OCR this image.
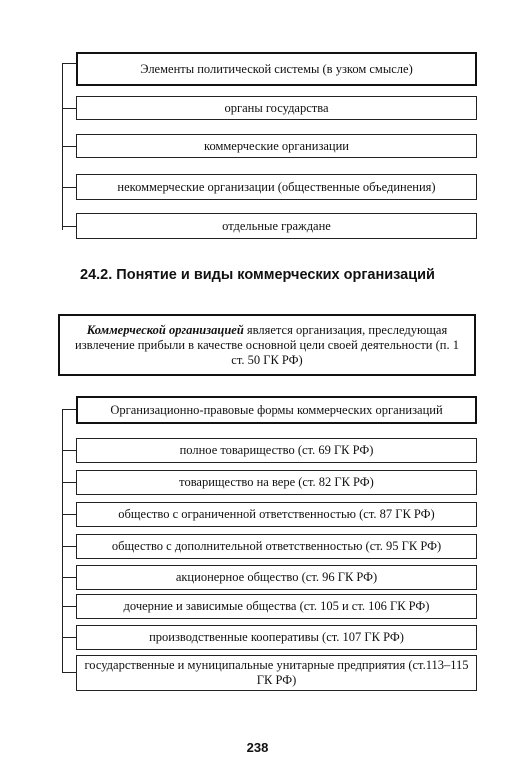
Элементы политической системы (в узком смысле)
органы государства
коммерческие организации
некоммерческие организации (общественные объединения)
отдельные граждане
24.2. Понятие и виды коммерческих организаций
Коммерческой организацией является организация, преследующая извлечение прибыли в качестве основной цели своей деятельности (п. 1 ст. 50 ГК РФ)
Организационно-правовые формы коммерческих организаций
полное товарищество (ст. 69 ГК РФ)
товарищество на вере (ст. 82 ГК РФ)
общество с ограниченной ответственностью (ст. 87 ГК РФ)
общество с дополнительной ответственностью (ст. 95 ГК РФ)
акционерное общество (ст. 96 ГК РФ)
дочерние и зависимые общества (ст. 105 и ст. 106 ГК РФ)
производственные кооперативы (ст. 107 ГК РФ)
государственные и муниципальные унитарные предприятия (ст.113–115 ГК РФ)
238
